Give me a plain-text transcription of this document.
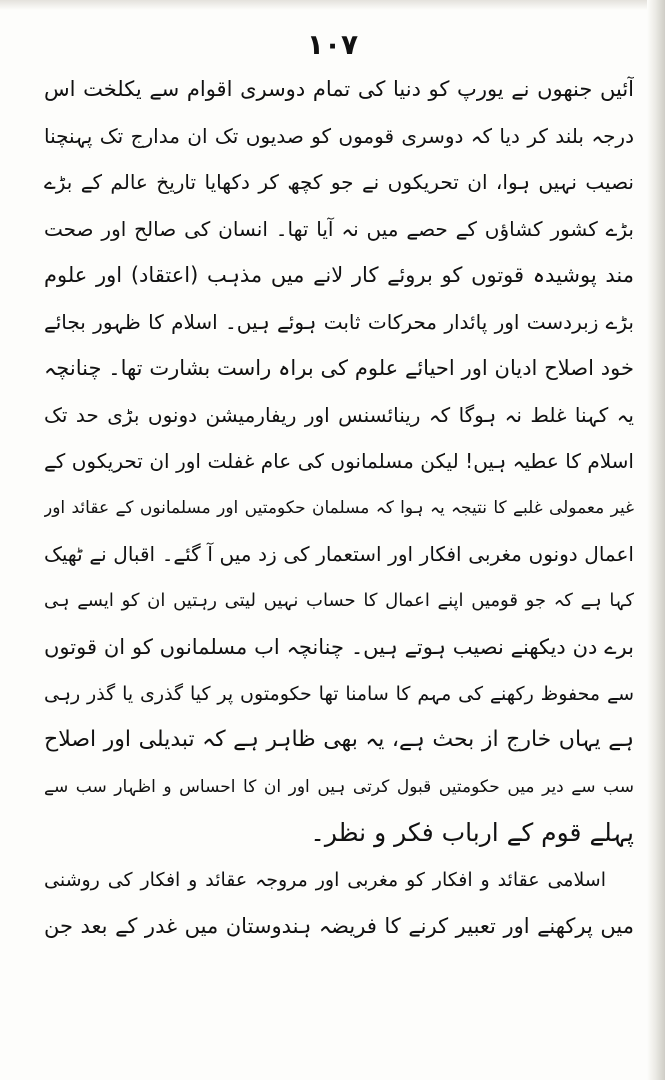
۱۰۷
آئیں جنھوں نے یورپ کو دنیا کی تمام دوسری اقوام سے یکلخت اس
درجہ بلند کر دیا کہ دوسری قوموں کو صدیوں تک ان مدارج تک پہنچنا
نصیب نہیں ہوا، ان تحریکوں نے جو کچھ کر دکھایا تاریخ عالم کے بڑے
بڑے کشور کشاؤں کے حصے میں نہ آیا تھا۔ انسان کی صالح اور صحت
مند پوشیدہ قوتوں کو بروئے کار لانے میں مذہب (اعتقاد) اور علوم
بڑے زبردست اور پائدار محرکات ثابت ہوئے ہیں۔ اسلام کا ظہور بجائے
خود اصلاح ادیان اور احیائے علوم کی براہ راست بشارت تھا۔ چنانچہ
یہ کہنا غلط نہ ہوگا کہ رینائسنس اور ریفارمیشن دونوں بڑی حد تک
اسلام کا عطیہ ہیں! لیکن مسلمانوں کی عام غفلت اور ان تحریکوں کے
غیر معمولی غلبے کا نتیجہ یہ ہوا کہ مسلمان حکومتیں اور مسلمانوں کے عقائد اور
اعمال دونوں مغربی افکار اور استعمار کی زد میں آ گئے۔ اقبال نے ٹھیک
کہا ہے کہ جو قومیں اپنے اعمال کا حساب نہیں لیتی رہتیں ان کو ایسے ہی
برے دن دیکھنے نصیب ہوتے ہیں۔ چنانچہ اب مسلمانوں کو ان قوتوں
سے محفوظ رکھنے کی مہم کا سامنا تھا حکومتوں پر کیا گذری یا گذر رہی
ہے یہاں خارج از بحث ہے، یہ بھی ظاہر ہے کہ تبدیلی اور اصلاح
سب سے دیر میں حکومتیں قبول کرتی ہیں اور ان کا احساس و اظہار سب سے
پہلے قوم کے ارباب فکر و نظر۔
اسلامی عقائد و افکار کو مغربی اور مروجہ عقائد و افکار کی روشنی
میں پرکھنے اور تعبیر کرنے کا فریضہ ہندوستان میں غدر کے بعد جن
